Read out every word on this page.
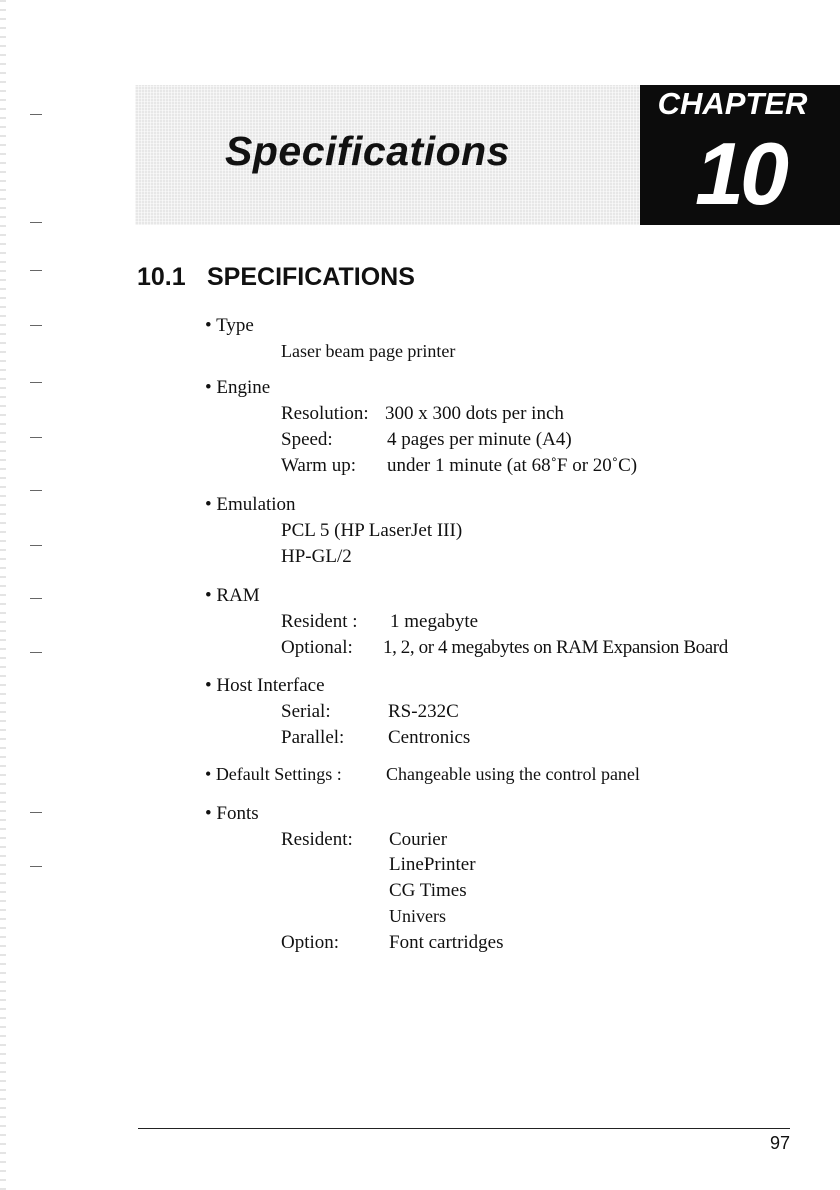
Specifications
CHAPTER
10
10.1 SPECIFICATIONS
• Type
Laser beam page printer
• Engine
Resolution: 300 x 300 dots per inch
Speed:	4 pages per minute (A4)
Warm up: under 1 minute (at 68˚F or 20˚C)
• Emulation
PCL 5 (HP LaserJet III)
HP-GL/2
• RAM
Resident : 1 megabyte
Optional: 1, 2, or 4 megabytes on RAM Expansion Board
• Host Interface
Serial:	RS-232C
Parallel: Centronics
• Default Settings : Changeable using the control panel
• Fonts
Resident: Courier
LinePrinter
CG Times
Univers
Option:	Font cartridges
97
